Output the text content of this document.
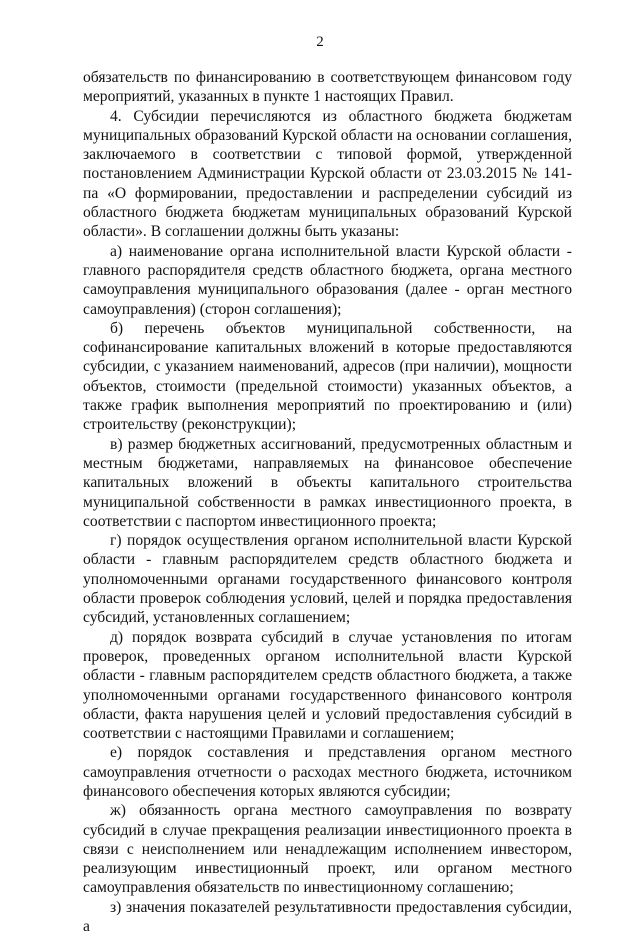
2

обязательств по финансированию в соответствующем финансовом году мероприятий, указанных в пункте 1 настоящих Правил.

4. Субсидии перечисляются из областного бюджета бюджетам муниципальных образований Курской области на основании соглашения, заключаемого в соответствии с типовой формой, утвержденной постановлением Администрации Курской области от 23.03.2015 № 141-па «О формировании, предоставлении и распределении субсидий из областного бюджета бюджетам муниципальных образований Курской области». В соглашении должны быть указаны:

а) наименование органа исполнительной власти Курской области - главного распорядителя средств областного бюджета, органа местного самоуправления муниципального образования (далее - орган местного самоуправления) (сторон соглашения);

б) перечень объектов муниципальной собственности, на софинансирование капитальных вложений в которые предоставляются субсидии, с указанием наименований, адресов (при наличии), мощности объектов, стоимости (предельной стоимости) указанных объектов, а также график выполнения мероприятий по проектированию и (или) строительству (реконструкции);

в) размер бюджетных ассигнований, предусмотренных областным и местным бюджетами, направляемых на финансовое обеспечение капитальных вложений в объекты капитального строительства муниципальной собственности в рамках инвестиционного проекта, в соответствии с паспортом инвестиционного проекта;

г) порядок осуществления органом исполнительной власти Курской области - главным распорядителем средств областного бюджета и уполномоченными органами государственного финансового контроля области проверок соблюдения условий, целей и порядка предоставления субсидий, установленных соглашением;

д) порядок возврата субсидий в случае установления по итогам проверок, проведенных органом исполнительной власти Курской области - главным распорядителем средств областного бюджета, а также уполномоченными органами государственного финансового контроля области, факта нарушения целей и условий предоставления субсидий в соответствии с настоящими Правилами и соглашением;

е) порядок составления и представления органом местного самоуправления отчетности о расходах местного бюджета, источником финансового обеспечения которых являются субсидии;

ж) обязанность органа местного самоуправления по возврату субсидий в случае прекращения реализации инвестиционного проекта в связи с неисполнением или ненадлежащим исполнением инвестором, реализующим инвестиционный проект, или органом местного самоуправления обязательств по инвестиционному соглашению;

з) значения показателей результативности предоставления субсидии, а
